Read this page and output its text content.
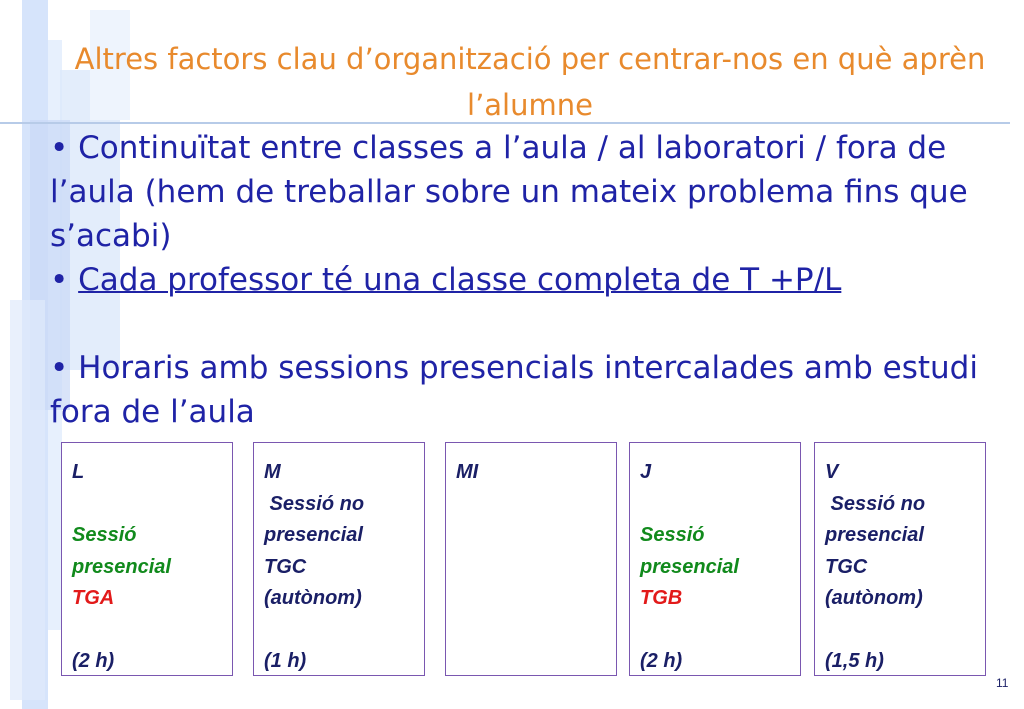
Altres factors clau d’organització per centrar-nos en què aprèn l’alumne

• Continuïtat entre classes a l’aula / al laboratori / fora de l’aula (hem de treballar sobre un mateix problema fins que s’acabi)

• Cada professor té una classe completa de T +P/L

• Horaris amb sessions presencials intercalades amb estudi fora de l’aula

L

Sessió
presencial
TGA

(2 h)
M
Sessió no
presencial
TGC
(autònom)

(1 h)
MI	J

Sessió
presencial
TGB

(2 h)
V
Sessió no
presencial
TGC
(autònom)

(1,5 h)
11
